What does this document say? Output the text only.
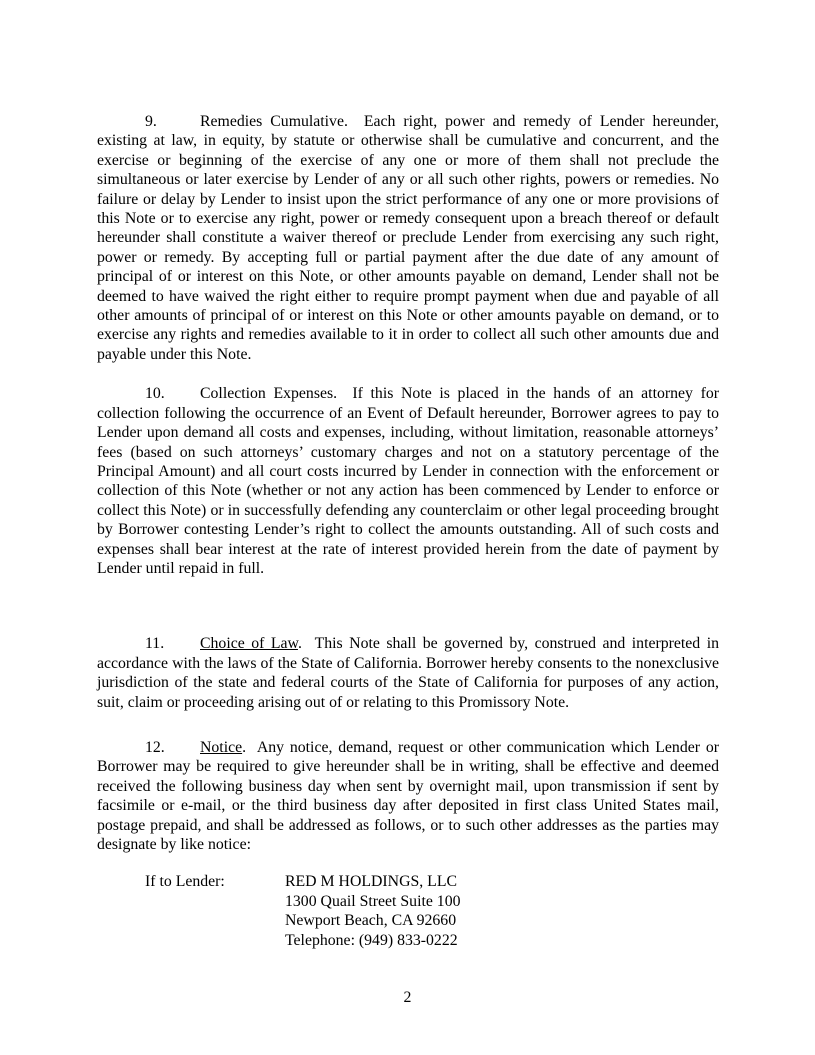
9.	Remedies Cumulative.  Each right, power and remedy of Lender hereunder, existing at law, in equity, by statute or otherwise shall be cumulative and concurrent, and the exercise or beginning of the exercise of any one or more of them shall not preclude the simultaneous or later exercise by Lender of any or all such other rights, powers or remedies. No failure or delay by Lender to insist upon the strict performance of any one or more provisions of this Note or to exercise any right, power or remedy consequent upon a breach thereof or default hereunder shall constitute a waiver thereof or preclude Lender from exercising any such right, power or remedy. By accepting full or partial payment after the due date of any amount of principal of or interest on this Note, or other amounts payable on demand, Lender shall not be deemed to have waived the right either to require prompt payment when due and payable of all other amounts of principal of or interest on this Note or other amounts payable on demand, or to exercise any rights and remedies available to it in order to collect all such other amounts due and payable under this Note.

10. Collection Expenses.  If this Note is placed in the hands of an attorney for collection following the occurrence of an Event of Default hereunder, Borrower agrees to pay to Lender upon demand all costs and expenses, including, without limitation, reasonable attorneys’ fees (based on such attorneys’ customary charges and not on a statutory percentage of the Principal Amount) and all court costs incurred by Lender in connection with the enforcement or collection of this Note (whether or not any action has been commenced by Lender to enforce or collect this Note) or in successfully defending any counterclaim or other legal proceeding brought by Borrower contesting Lender’s right to collect the amounts outstanding. All of such costs and expenses shall bear interest at the rate of interest provided herein from the date of payment by Lender until repaid in full.

11. Choice of Law.  This Note shall be governed by, construed and interpreted in accordance with the laws of the State of California. Borrower hereby consents to the nonexclusive jurisdiction of the state and federal courts of the State of California for purposes of any action, suit, claim or proceeding arising out of or relating to this Promissory Note.

12. Notice.  Any notice, demand, request or other communication which Lender or Borrower may be required to give hereunder shall be in writing, shall be effective and deemed received the following business day when sent by overnight mail, upon transmission if sent by facsimile or e-mail, or the third business day after deposited in first class United States mail, postage prepaid, and shall be addressed as follows, or to such other addresses as the parties may designate by like notice:

If to Lender:	RED M HOLDINGS, LLC
1300 Quail Street Suite 100
Newport Beach, CA 92660
Telephone: (949) 833-0222
2
